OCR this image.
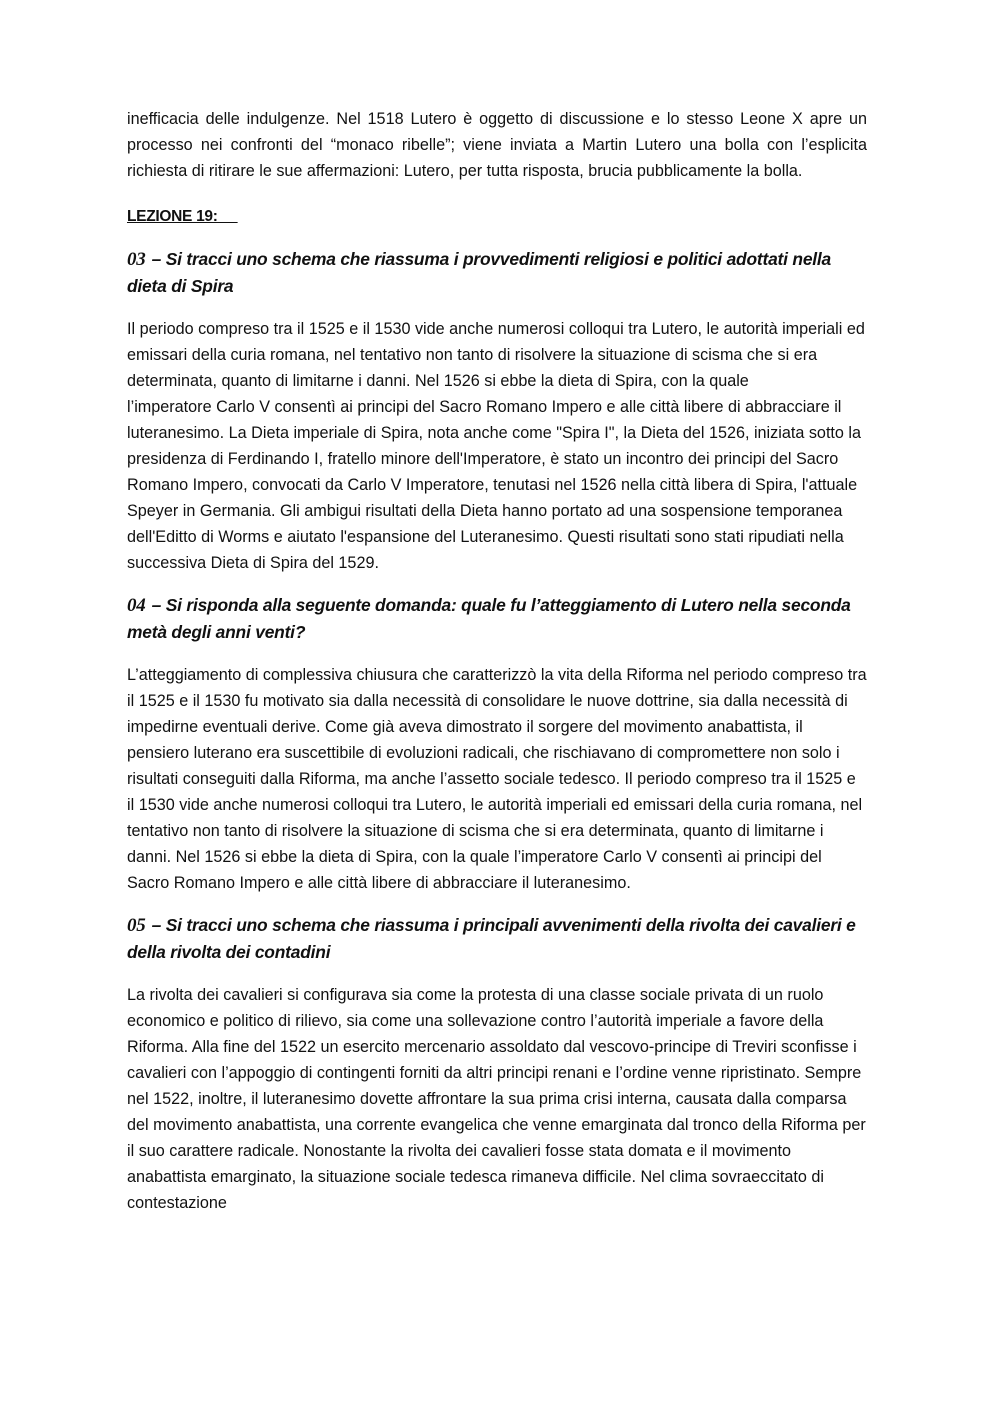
inefficacia delle indulgenze. Nel 1518 Lutero è oggetto di discussione e lo stesso Leone X apre un processo nei confronti del “monaco ribelle”; viene inviata a Martin Lutero una bolla con l’esplicita richiesta di ritirare le sue affermazioni: Lutero, per tutta risposta, brucia pubblicamente la bolla.

LEZIONE 19:

03 – Si tracci uno schema che riassuma i provvedimenti religiosi e politici adottati nella dieta di Spira

Il periodo compreso tra il 1525 e il 1530 vide anche numerosi colloqui tra Lutero, le autorità imperiali ed emissari della curia romana, nel tentativo non tanto di risolvere la situazione di scisma che si era determinata, quanto di limitarne i danni. Nel 1526 si ebbe la dieta di Spira, con la quale

l’imperatore Carlo V consentì ai principi del Sacro Romano Impero e alle città libere di abbracciare il luteranesimo. La Dieta imperiale di Spira, nota anche come "Spira I", la Dieta del 1526, iniziata sotto la presidenza di Ferdinando I, fratello minore dell'Imperatore, è stato un incontro dei principi del Sacro Romano Impero, convocati da Carlo V Imperatore, tenutasi nel 1526 nella città libera di Spira, l'attuale Speyer in Germania. Gli ambigui risultati della Dieta hanno portato ad una sospensione temporanea dell'Editto di Worms e aiutato l'espansione del Luteranesimo. Questi risultati sono stati ripudiati nella successiva Dieta di Spira del 1529.

04 – Si risponda alla seguente domanda: quale fu l’atteggiamento di Lutero nella seconda metà degli anni venti?

L’atteggiamento di complessiva chiusura che caratterizzò la vita della Riforma nel periodo compreso tra il 1525 e il 1530 fu motivato sia dalla necessità di consolidare le nuove dottrine, sia dalla necessità di impedirne eventuali derive. Come già aveva dimostrato il sorgere del movimento anabattista, il pensiero luterano era suscettibile di evoluzioni radicali, che rischiavano di compromettere non solo i risultati conseguiti dalla Riforma, ma anche l’assetto sociale tedesco. Il periodo compreso tra il 1525 e il 1530 vide anche numerosi colloqui tra Lutero, le autorità imperiali ed emissari della curia romana, nel tentativo non tanto di risolvere la situazione di scisma che si era determinata, quanto di limitarne i danni. Nel 1526 si ebbe la dieta di Spira, con la quale l’imperatore Carlo V consentì ai principi del Sacro Romano Impero e alle città libere di abbracciare il luteranesimo.

05 – Si tracci uno schema che riassuma i principali avvenimenti della rivolta dei cavalieri e della rivolta dei contadini

La rivolta dei cavalieri si configurava sia come la protesta di una classe sociale privata di un ruolo economico e politico di rilievo, sia come una sollevazione contro l’autorità imperiale a favore della Riforma. Alla fine del 1522 un esercito mercenario assoldato dal vescovo-principe di Treviri sconfisse i cavalieri con l’appoggio di contingenti forniti da altri principi renani e l’ordine venne ripristinato. Sempre nel 1522, inoltre, il luteranesimo dovette affrontare la sua prima crisi interna, causata dalla comparsa del movimento anabattista, una corrente evangelica che venne emarginata dal tronco della Riforma per il suo carattere radicale. Nonostante la rivolta dei cavalieri fosse stata domata e il movimento anabattista emarginato, la situazione sociale tedesca rimaneva difficile. Nel clima sovraeccitato di contestazione
